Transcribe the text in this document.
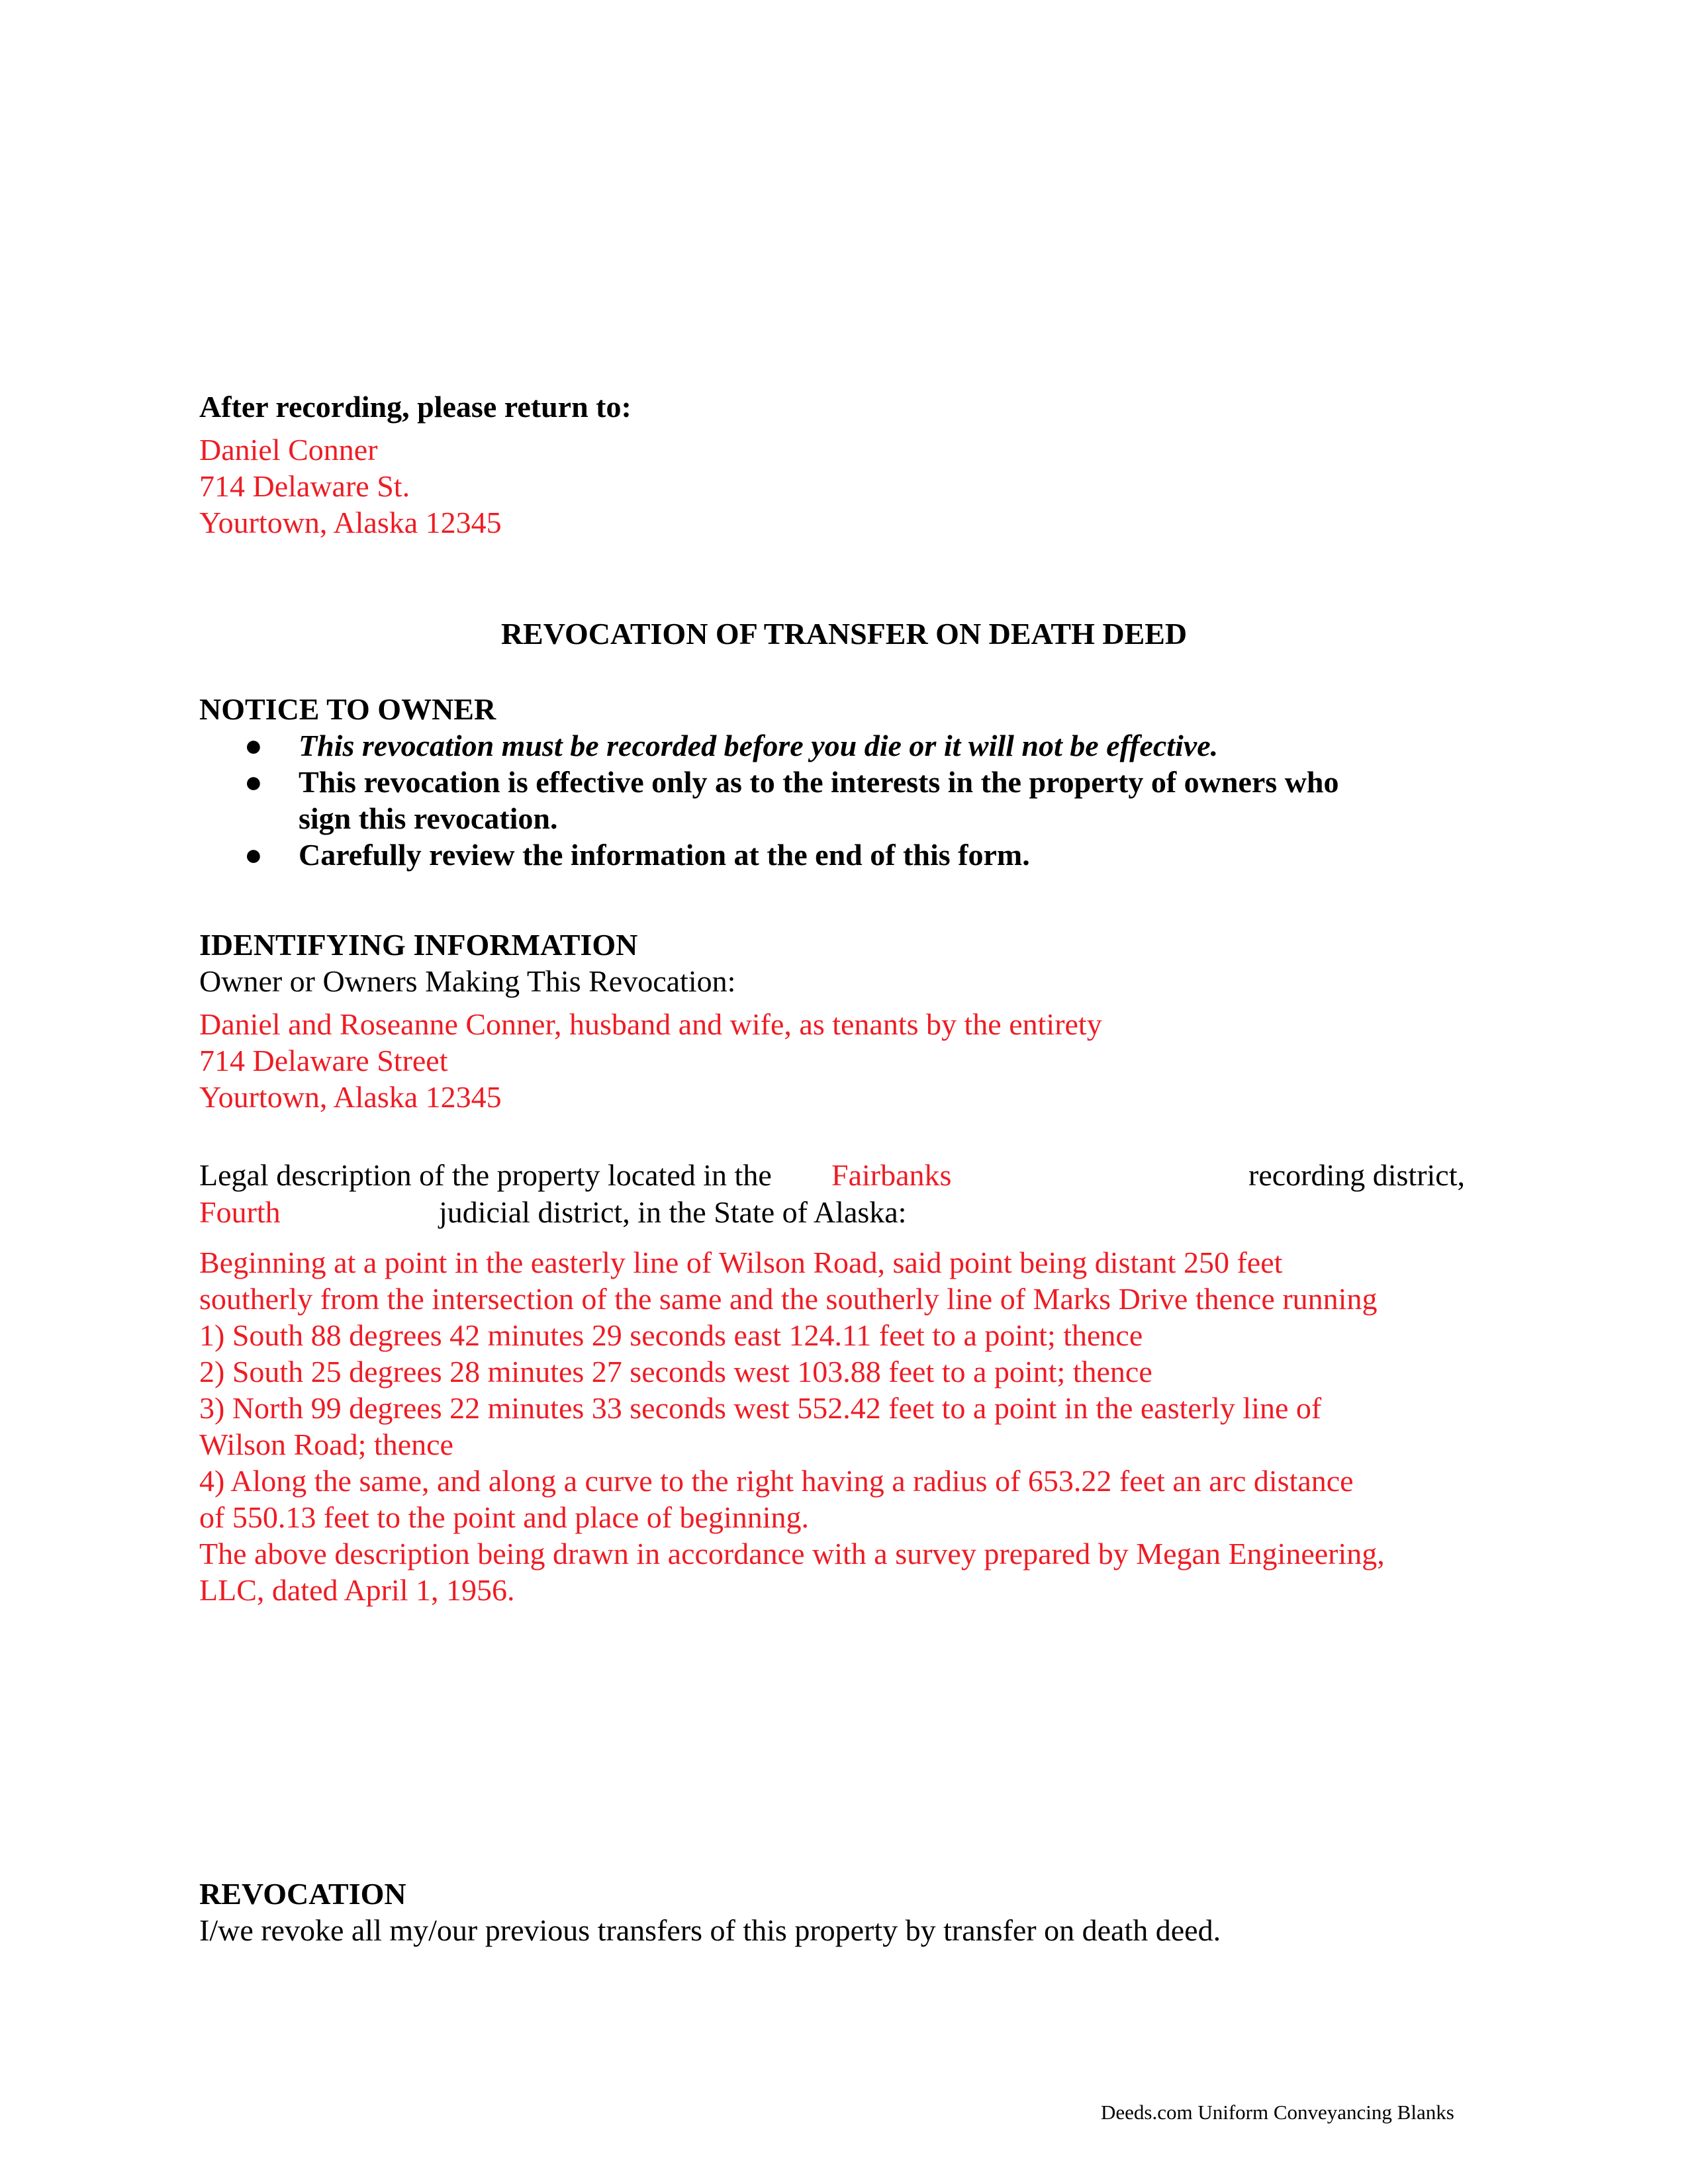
After recording, please return to:
Daniel Conner
714 Delaware St.
Yourtown, Alaska 12345
REVOCATION OF TRANSFER ON DEATH DEED
NOTICE TO OWNER
● This revocation must be recorded before you die or it will not be effective.
● This revocation is effective only as to the interests in the property of owners who
sign this revocation.
● Carefully review the information at the end of this form.
IDENTIFYING INFORMATION
Owner or Owners Making This Revocation:
Daniel and Roseanne Conner, husband and wife, as tenants by the entirety
714 Delaware Street
Yourtown, Alaska 12345
Legal description of the property located in the Fairbanks	recording district,
Fourth	judicial district, in the State of Alaska:
Beginning at a point in the easterly line of Wilson Road, said point being distant 250 feet
southerly from the intersection of the same and the southerly line of Marks Drive thence running
1) South 88 degrees 42 minutes 29 seconds east 124.11 feet to a point; thence
2) South 25 degrees 28 minutes 27 seconds west 103.88 feet to a point; thence
3) North 99 degrees 22 minutes 33 seconds west 552.42 feet to a point in the easterly line of
Wilson Road; thence
4) Along the same, and along a curve to the right having a radius of 653.22 feet an arc distance
of 550.13 feet to the point and place of beginning.
The above description being drawn in accordance with a survey prepared by Megan Engineering,
LLC, dated April 1, 1956.
REVOCATION
I/we revoke all my/our previous transfers of this property by transfer on death deed.
Deeds.com Uniform Conveyancing Blanks
